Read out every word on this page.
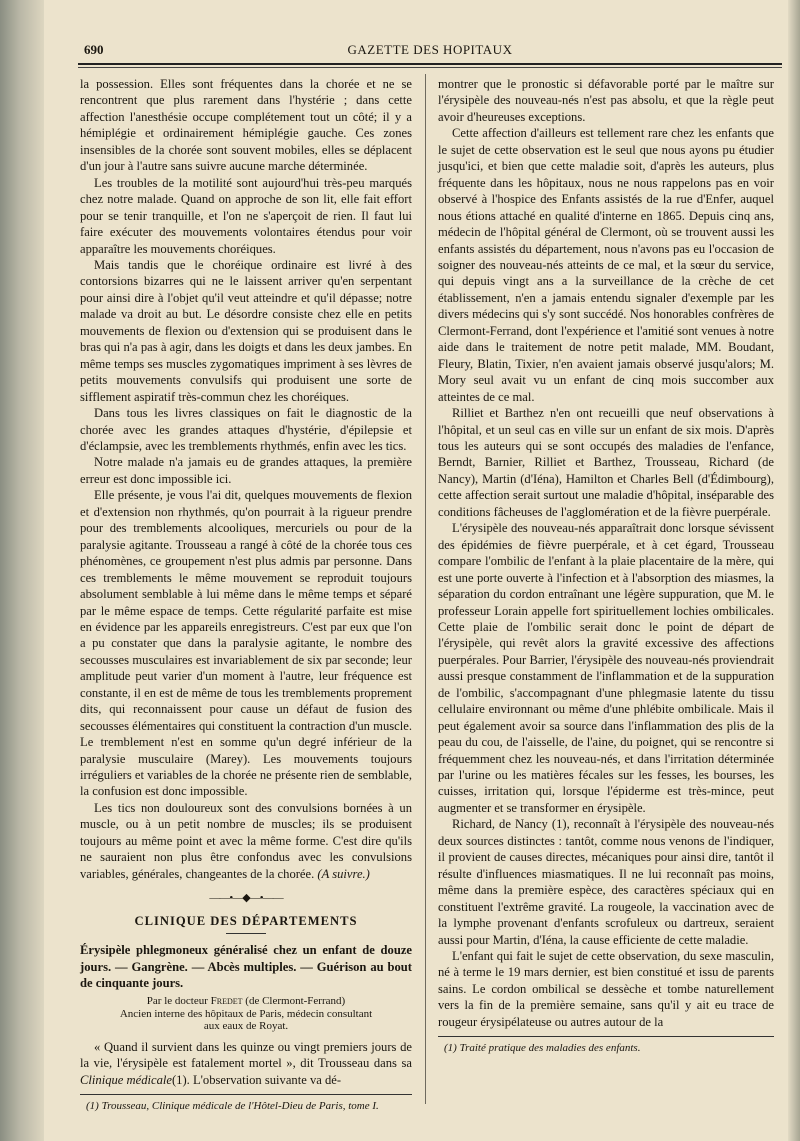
690	GAZETTE DES HOPITAUX

la possession. Elles sont fréquentes dans la chorée et ne se rencontrent que plus rarement dans l'hystérie ; dans cette affection l'anesthésie occupe complétement tout un côté; il y a hémiplégie et ordinairement hémiplégie gauche. Ces zones insensibles de la chorée sont souvent mobiles, elles se déplacent d'un jour à l'autre sans suivre aucune marche déterminée.

Les troubles de la motilité sont aujourd'hui très-peu marqués chez notre malade. Quand on approche de son lit, elle fait effort pour se tenir tranquille, et l'on ne s'aperçoit de rien. Il faut lui faire exécuter des mouvements volontaires étendus pour voir apparaître les mouvements choréiques.

Mais tandis que le choréique ordinaire est livré à des contorsions bizarres qui ne le laissent arriver qu'en serpentant pour ainsi dire à l'objet qu'il veut atteindre et qu'il dépasse; notre malade va droit au but. Le désordre consiste chez elle en petits mouvements de flexion ou d'extension qui se produisent dans le bras qui n'a pas à agir, dans les doigts et dans les deux jambes. En même temps ses muscles zygomatiques impriment à ses lèvres de petits mouvements convulsifs qui produisent une sorte de sifflement aspiratif très-commun chez les choréiques.

Dans tous les livres classiques on fait le diagnostic de la chorée avec les grandes attaques d'hystérie, d'épilepsie et d'éclampsie, avec les tremblements rhythmés, enfin avec les tics.

Notre malade n'a jamais eu de grandes attaques, la première erreur est donc impossible ici.

Elle présente, je vous l'ai dit, quelques mouvements de flexion et d'extension non rhythmés, qu'on pourrait à la rigueur prendre pour des tremblements alcooliques, mercuriels ou pour de la paralysie agitante. Trousseau a rangé à côté de la chorée tous ces phénomènes, ce groupement n'est plus admis par personne. Dans ces tremblements le même mouvement se reproduit toujours absolument semblable à lui même dans le même temps et séparé par le même espace de temps. Cette régularité parfaite est mise en évidence par les appareils enregistreurs. C'est par eux que l'on a pu constater que dans la paralysie agitante, le nombre des secousses musculaires est invariablement de six par seconde; leur amplitude peut varier d'un moment à l'autre, leur fréquence est constante, il en est de même de tous les tremblements proprement dits, qui reconnaissent pour cause un défaut de fusion des secousses élémentaires qui constituent la contraction d'un muscle. Le tremblement n'est en somme qu'un degré inférieur de la paralysie musculaire (Marey). Les mouvements toujours irréguliers et variables de la chorée ne présente rien de semblable, la confusion est donc impossible.

Les tics non douloureux sont des convulsions bornées à un muscle, ou à un petit nombre de muscles; ils se produisent toujours au même point et avec la même forme. C'est dire qu'ils ne sauraient non plus être confondus avec les convulsions variables, générales, changeantes de la chorée. (A suivre.)

——•—◆—•——
CLINIQUE DES DÉPARTEMENTS

Érysipèle phlegmoneux généralisé chez un enfant de douze jours. — Gangrène. — Abcès multiples. — Guérison au bout de cinquante jours.

Par le docteur Fredet (de Clermont-Ferrand)
Ancien interne des hôpitaux de Paris, médecin consultant
aux eaux de Royat.

« Quand il survient dans les quinze ou vingt premiers jours de la vie, l'érysipèle est fatalement mortel », dit Trousseau dans sa Clinique médicale(1). L'observation suivante va dé-

(1) Trousseau, Clinique médicale de l'Hôtel-Dieu de Paris, tome I.

montrer que le pronostic si défavorable porté par le maître sur l'érysipèle des nouveau-nés n'est pas absolu, et que la règle peut avoir d'heureuses exceptions.

Cette affection d'ailleurs est tellement rare chez les enfants que le sujet de cette observation est le seul que nous ayons pu étudier jusqu'ici, et bien que cette maladie soit, d'après les auteurs, plus fréquente dans les hôpitaux, nous ne nous rappelons pas en voir observé à l'hospice des Enfants assistés de la rue d'Enfer, auquel nous étions attaché en qualité d'interne en 1865. Depuis cinq ans, médecin de l'hôpital général de Clermont, où se trouvent aussi les enfants assistés du département, nous n'avons pas eu l'occasion de soigner des nouveau-nés atteints de ce mal, et la sœur du service, qui depuis vingt ans a la surveillance de la crèche de cet établissement, n'en a jamais entendu signaler d'exemple par les divers médecins qui s'y sont succédé. Nos honorables confrères de Clermont-Ferrand, dont l'expérience et l'amitié sont venues à notre aide dans le traitement de notre petit malade, MM. Boudant, Fleury, Blatin, Tixier, n'en avaient jamais observé jusqu'alors; M. Mory seul avait vu un enfant de cinq mois succomber aux atteintes de ce mal.

Rilliet et Barthez n'en ont recueilli que neuf observations à l'hôpital, et un seul cas en ville sur un enfant de six mois. D'après tous les auteurs qui se sont occupés des maladies de l'enfance, Berndt, Barnier, Rilliet et Barthez, Trousseau, Richard (de Nancy), Martin (d'Iéna), Hamilton et Charles Bell (d'Édimbourg), cette affection serait surtout une maladie d'hôpital, inséparable des conditions fâcheuses de l'agglomération et de la fièvre puerpérale.

L'érysipèle des nouveau-nés apparaîtrait donc lorsque sévissent des épidémies de fièvre puerpérale, et à cet égard, Trousseau compare l'ombilic de l'enfant à la plaie placentaire de la mère, qui est une porte ouverte à l'infection et à l'absorption des miasmes, la séparation du cordon entraînant une légère suppuration, que M. le professeur Lorain appelle fort spirituellement lochies ombilicales. Cette plaie de l'ombilic serait donc le point de départ de l'érysipèle, qui revêt alors la gravité excessive des affections puerpérales. Pour Barrier, l'érysipèle des nouveau-nés proviendrait aussi presque constamment de l'inflammation et de la suppuration de l'ombilic, s'accompagnant d'une phlegmasie latente du tissu cellulaire environnant ou même d'une phlébite ombilicale. Mais il peut également avoir sa source dans l'inflammation des plis de la peau du cou, de l'aisselle, de l'aine, du poignet, qui se rencontre si fréquemment chez les nouveau-nés, et dans l'irritation déterminée par l'urine ou les matières fécales sur les fesses, les bourses, les cuisses, irritation qui, lorsque l'épiderme est très-mince, peut augmenter et se transformer en érysipèle.

Richard, de Nancy (1), reconnaît à l'érysipèle des nouveau-nés deux sources distinctes : tantôt, comme nous venons de l'indiquer, il provient de causes directes, mécaniques pour ainsi dire, tantôt il résulte d'influences miasmatiques. Il ne lui reconnaît pas moins, même dans la première espèce, des caractères spéciaux qui en constituent l'extrême gravité. La rougeole, la vaccination avec de la lymphe provenant d'enfants scrofuleux ou dartreux, seraient aussi pour Martin, d'Iéna, la cause efficiente de cette maladie.

L'enfant qui fait le sujet de cette observation, du sexe masculin, né à terme le 19 mars dernier, est bien constitué et issu de parents sains. Le cordon ombilical se dessèche et tombe naturellement vers la fin de la première semaine, sans qu'il y ait eu trace de rougeur érysipélateuse ou autres autour de la

(1) Traité pratique des maladies des enfants.
